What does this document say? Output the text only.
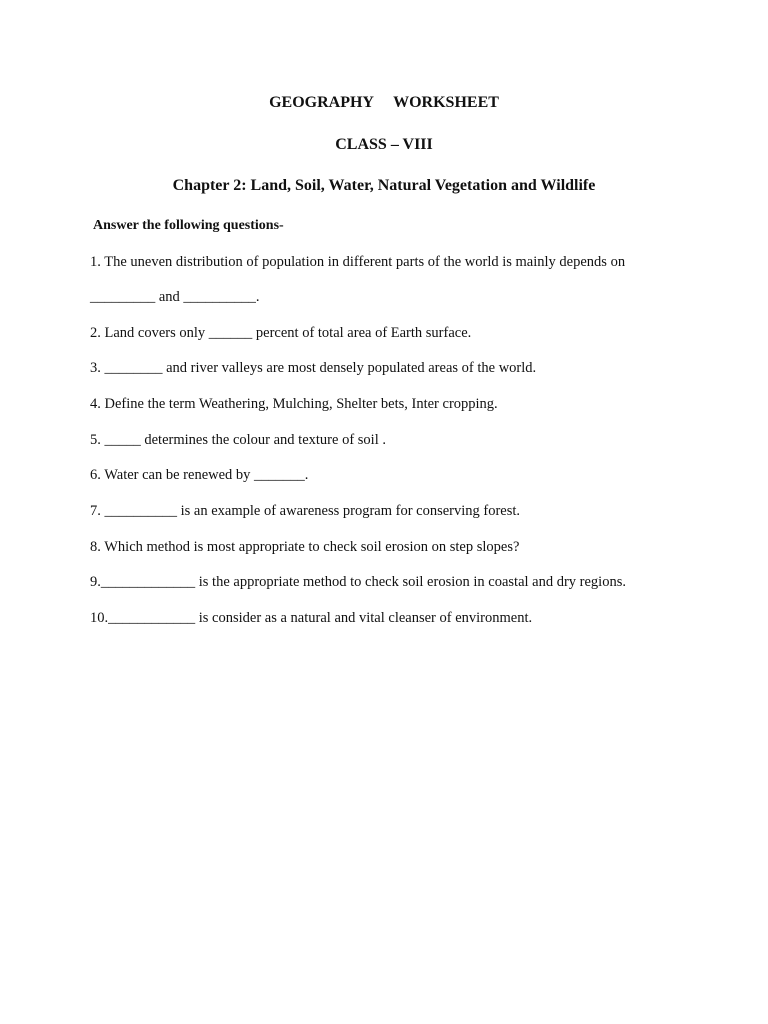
GEOGRAPHY     WORKSHEET
CLASS – VIII
Chapter 2: Land, Soil, Water, Natural Vegetation and Wildlife
Answer the following questions-
1. The uneven distribution of population in different parts of the world is mainly depends on
_________ and __________.
2. Land covers only ______ percent of total area of Earth surface.
3. ________ and river valleys are most densely populated areas of the world.
4. Define the term Weathering, Mulching, Shelter bets, Inter cropping.
5. _____ determines the colour and texture of soil .
6. Water can be renewed by _______.
7. __________ is an example of awareness program for conserving forest.
8. Which method is most appropriate to check soil erosion on step slopes?
9._____________ is the appropriate method to check soil erosion in coastal and dry regions.
10.____________ is consider as a natural and vital cleanser of environment.
